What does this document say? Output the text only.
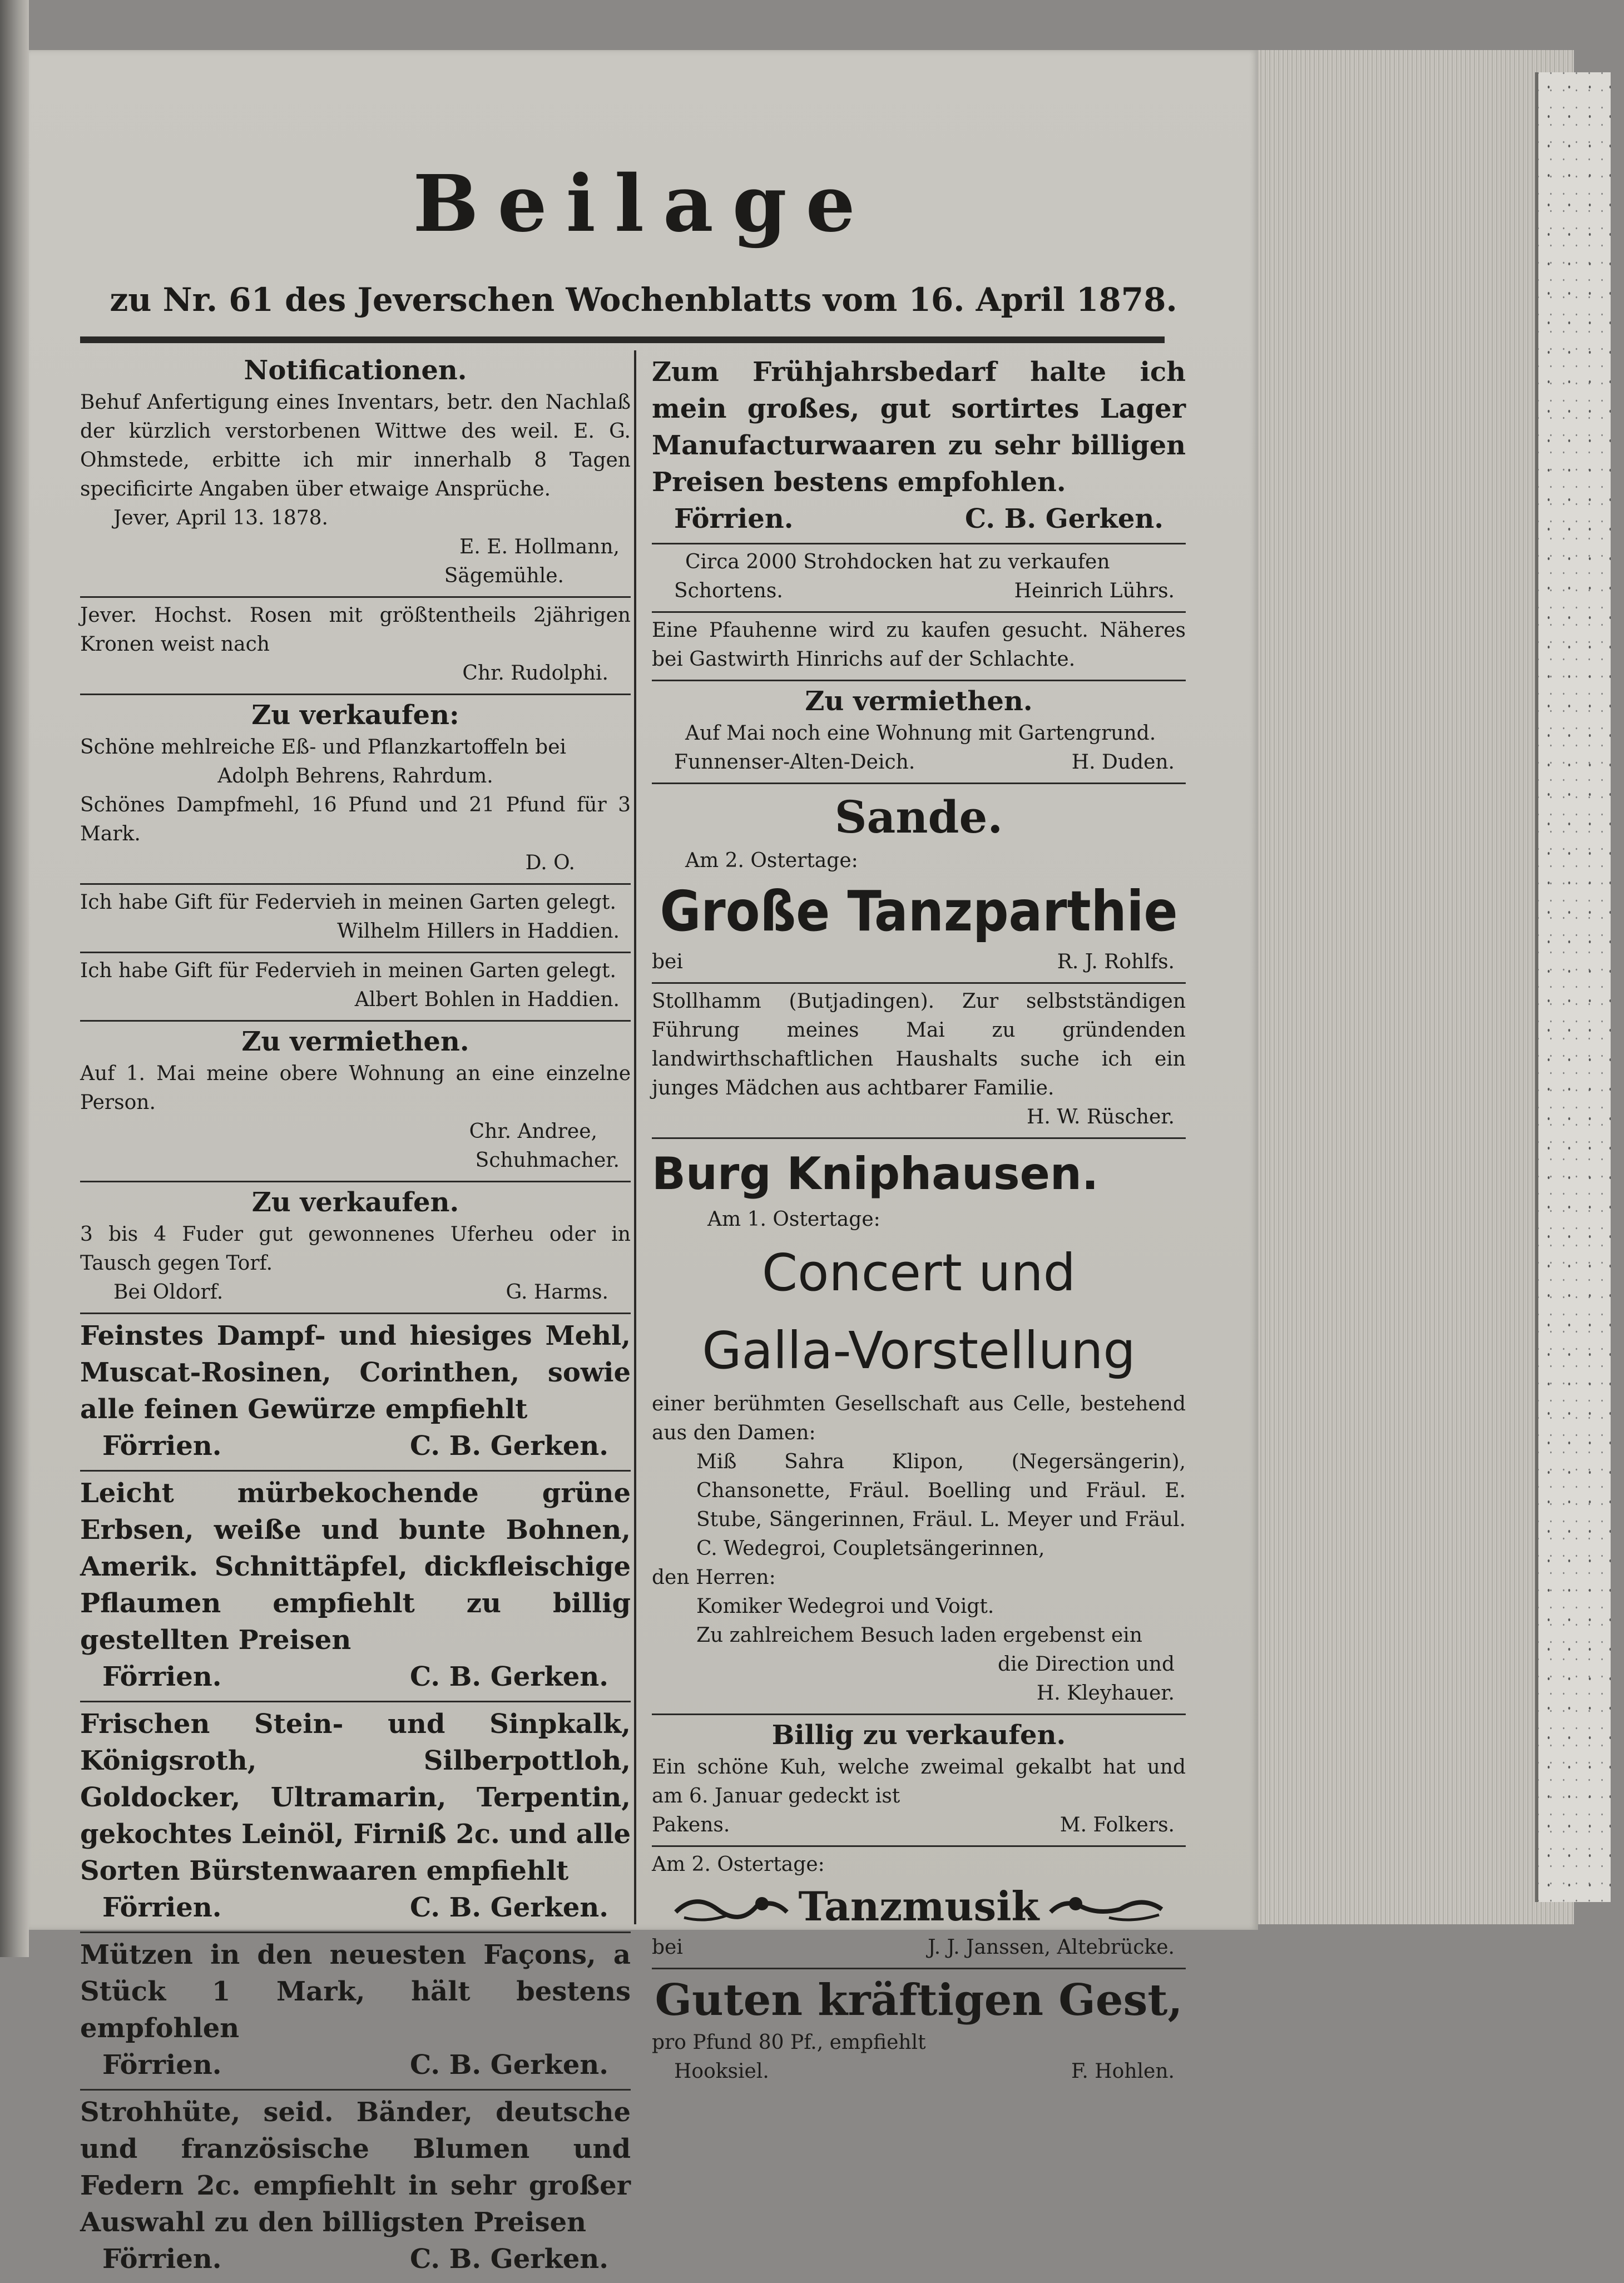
Beilage
zu Nr. 61 des Jeverschen Wochenblatts vom 16. April 1878.
Notificationen.
Behuf Anfertigung eines Inventars, betr. den Nachlaß der kürzlich verstorbenen Wittwe des weil. E. G. Ohmstede, erbitte ich mir innerhalb 8 Tagen specificirte Angaben über etwaige Ansprüche.
Jever, April 13. 1878.
E. E. Hollmann,
Sägemühle.
Jever. Hochst. Rosen mit größtentheils 2jährigen Kronen weist nach
Chr. Rudolphi.
Zu verkaufen:
Schöne mehlreiche Eß- und Pflanzkartoffeln bei
Adolph Behrens, Rahrdum.
Schönes Dampfmehl, 16 Pfund und 21 Pfund für 3 Mark.
D. O.
Ich habe Gift für Federvieh in meinen Garten gelegt.
Wilhelm Hillers in Haddien.
Ich habe Gift für Federvieh in meinen Garten gelegt.
Albert Bohlen in Haddien.
Zu vermiethen.
Auf 1. Mai meine obere Wohnung an eine einzelne Person.
Chr. Andree,
Schuhmacher.
Zu verkaufen.
3 bis 4 Fuder gut gewonnenes Uferheu oder in Tausch gegen Torf.
Bei Oldorf.	G. Harms.
Feinstes Dampf- und hiesiges Mehl, Muscat-Rosinen, Corinthen, sowie alle feinen Gewürze empfiehlt
Förrien.	C. B. Gerken.
Leicht mürbekochende grüne Erbsen, weiße und bunte Bohnen, Amerik. Schnittäpfel, dickfleischige Pflaumen empfiehlt zu billig gestellten Preisen
Förrien.	C. B. Gerken.
Frischen Stein- und Sinpkalk, Königsroth, Silberpottloh, Goldocker, Ultramarin, Terpentin, gekochtes Leinöl, Firniß 2c. und alle Sorten Bürstenwaaren empfiehlt
Förrien.	C. B. Gerken.
Mützen in den neuesten Façons, a Stück 1 Mark, hält bestens empfohlen
Förrien.	C. B. Gerken.
Strohhüte, seid. Bänder, deutsche und französische Blumen und Federn 2c. empfiehlt in sehr großer Auswahl zu den billigsten Preisen
Förrien.	C. B. Gerken.
Zum Frühjahrsbedarf halte ich mein großes, gut sortirtes Lager Manufacturwaaren zu sehr billigen Preisen bestens empfohlen.
Förrien.	C. B. Gerken.
Circa 2000 Strohdocken hat zu verkaufen
Schortens.	Heinrich Lührs.
Eine Pfauhenne wird zu kaufen gesucht. Näheres bei Gastwirth Hinrichs auf der Schlachte.
Zu vermiethen.
Auf Mai noch eine Wohnung mit Gartengrund.
Funnenser-Alten-Deich.	H. Duden.
Sande.
Am 2. Ostertage:
Große Tanzparthie
bei	R. J. Rohlfs.
Stollhamm (Butjadingen). Zur selbstständigen Führung meines Mai zu gründenden landwirthschaftlichen Haushalts suche ich ein junges Mädchen aus achtbarer Familie.
H. W. Rüscher.
Burg Kniphausen.
Am 1. Ostertage:
Concert und
Galla-Vorstellung
einer berühmten Gesellschaft aus Celle, bestehend aus den Damen:
Miß Sahra Klipon, (Negersängerin), Chansonette, Fräul. Boelling und Fräul. E. Stube, Sängerinnen, Fräul. L. Meyer und Fräul. C. Wedegroi, Coupletsängerinnen,
den Herren:
Komiker Wedegroi und Voigt.
Zu zahlreichem Besuch laden ergebenst ein
die Direction und
H. Kleyhauer.
Billig zu verkaufen.
Ein schöne Kuh, welche zweimal gekalbt hat und am 6. Januar gedeckt ist
Pakens.	M. Folkers.
Am 2. Ostertage:
Tanzmusik
bei	J. J. Janssen, Altebrücke.
Guten kräftigen Gest,
pro Pfund 80 Pf., empfiehlt
Hooksiel.	F. Hohlen.
